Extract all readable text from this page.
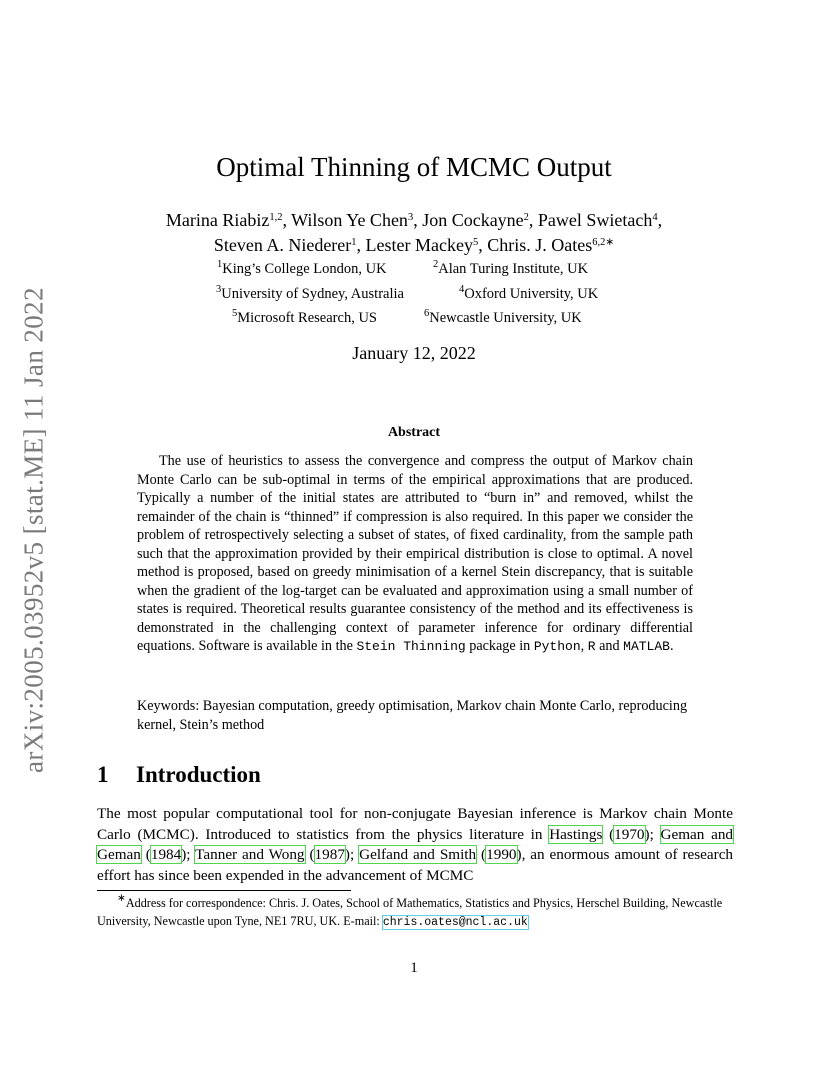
arXiv:2005.03952v5 [stat.ME] 11 Jan 2022
Optimal Thinning of MCMC Output
Marina Riabiz$^{1,2}$, Wilson Ye Chen$^3$, Jon Cockayne$^2$, Pawel Swietach$^4$,
Steven A. Niederer$^1$, Lester Mackey$^5$, Chris. J. Oates$^{6,2∗}$
$^1$King’s College London, UK	$^2$Alan Turing Institute, UK
$^3$University of Sydney, Australia	$^4$Oxford University, UK
$^5$Microsoft Research, US	$^6$Newcastle University, UK
January 12, 2022
Abstract

The use of heuristics to assess the convergence and compress the output of Markov chain Monte Carlo can be sub-optimal in terms of the empirical approximations that are produced. Typically a number of the initial states are attributed to “burn in” and removed, whilst the remainder of the chain is “thinned” if compression is also required. In this paper we consider the problem of retrospectively selecting a subset of states, of fixed cardinality, from the sample path such that the approximation provided by their empirical distribution is close to optimal. A novel method is proposed, based on greedy minimisation of a kernel Stein discrepancy, that is suitable when the gradient of the log-target can be evaluated and approximation using a small number of states is required. Theoretical results guarantee consistency of the method and its effectiveness is demonstrated in the challenging context of parameter inference for ordinary differential equations. Software is available in the Stein Thinning package in Python, R and MATLAB.

Keywords: Bayesian computation, greedy optimisation, Markov chain Monte Carlo, reproducing kernel, Stein’s method
1 Introduction
The most popular computational tool for non-conjugate Bayesian inference is Markov chain Monte Carlo (MCMC). Introduced to statistics from the physics literature in Hastings (1970); Geman and Geman (1984); Tanner and Wong (1987); Gelfand and Smith (1990), an enormous amount of research effort has since been expended in the advancement of MCMC
∗Address for correspondence: Chris. J. Oates, School of Mathematics, Statistics and Physics, Herschel Building, Newcastle University, Newcastle upon Tyne, NE1 7RU, UK. E-mail: chris.oates@ncl.ac.uk
1
